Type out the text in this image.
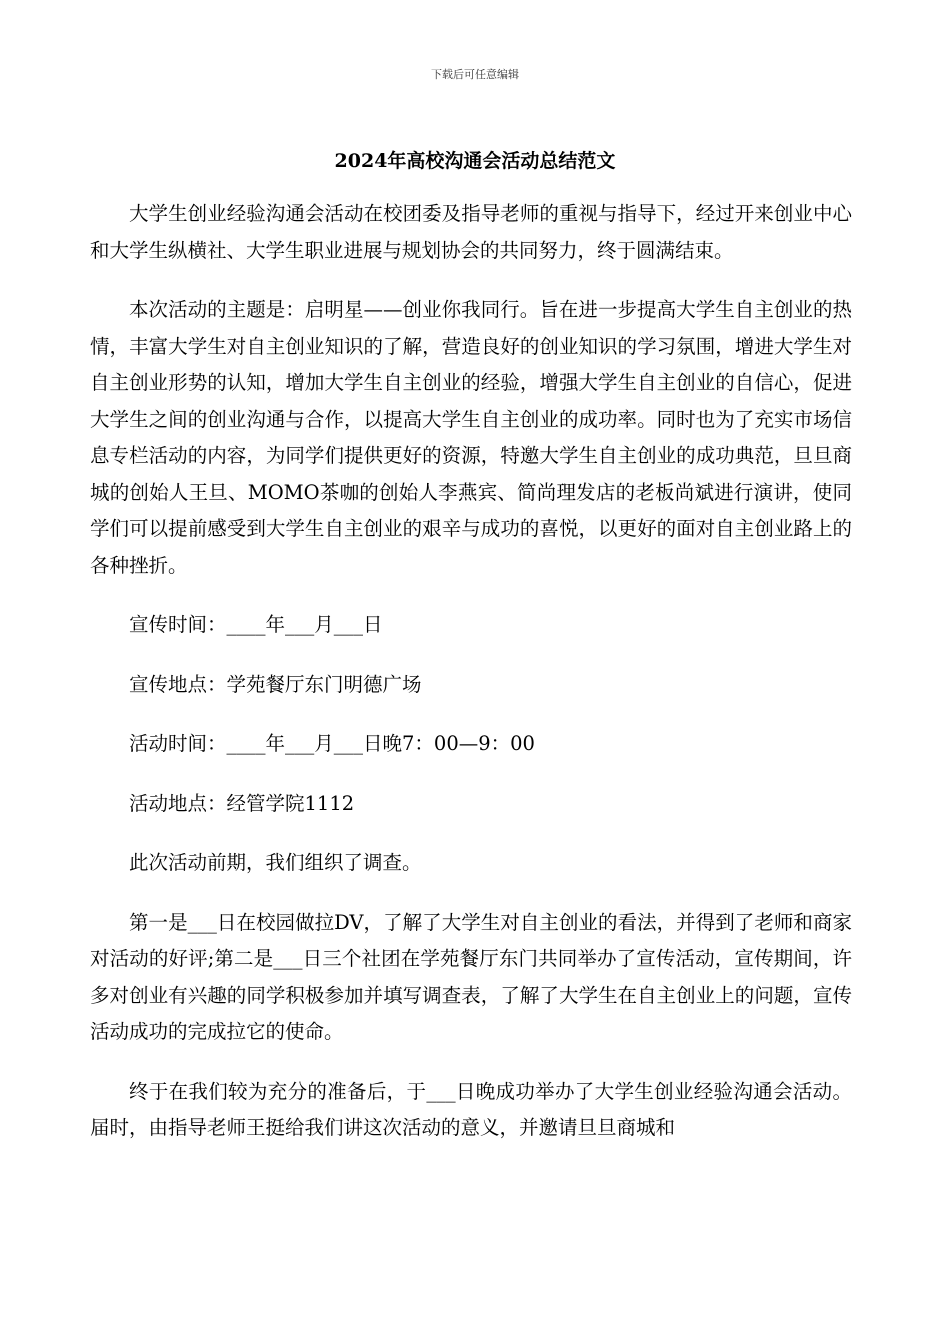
下载后可任意编辑
2024年高校沟通会活动总结范文

大学生创业经验沟通会活动在校团委及指导老师的重视与指导下，经过开来创业中心和大学生纵横社、大学生职业进展与规划协会的共同努力，终于圆满结束。

本次活动的主题是：启明星——创业你我同行。旨在进一步提高大学生自主创业的热情，丰富大学生对自主创业知识的了解，营造良好的创业知识的学习氛围，增进大学生对自主创业形势的认知，增加大学生自主创业的经验，增强大学生自主创业的自信心，促进大学生之间的创业沟通与合作，以提高大学生自主创业的成功率。同时也为了充实市场信息专栏活动的内容，为同学们提供更好的资源，特邀大学生自主创业的成功典范，旦旦商城的创始人王旦、MOMO茶咖的创始人李燕宾、简尚理发店的老板尚斌进行演讲，使同学们可以提前感受到大学生自主创业的艰辛与成功的喜悦，以更好的面对自主创业路上的各种挫折。

宣传时间：____年___月___日

宣传地点：学苑餐厅东门明德广场

活动时间：____年___月___日晚7：00—9：00

活动地点：经管学院1112

此次活动前期，我们组织了调查。

第一是___日在校园做拉DV，了解了大学生对自主创业的看法，并得到了老师和商家对活动的好评;第二是___日三个社团在学苑餐厅东门共同举办了宣传活动，宣传期间，许多对创业有兴趣的同学积极参加并填写调查表，了解了大学生在自主创业上的问题，宣传活动成功的完成拉它的使命。

终于在我们较为充分的准备后，于___日晚成功举办了大学生创业经验沟通会活动。届时，由指导老师王挺给我们讲这次活动的意义，并邀请旦旦商城和
